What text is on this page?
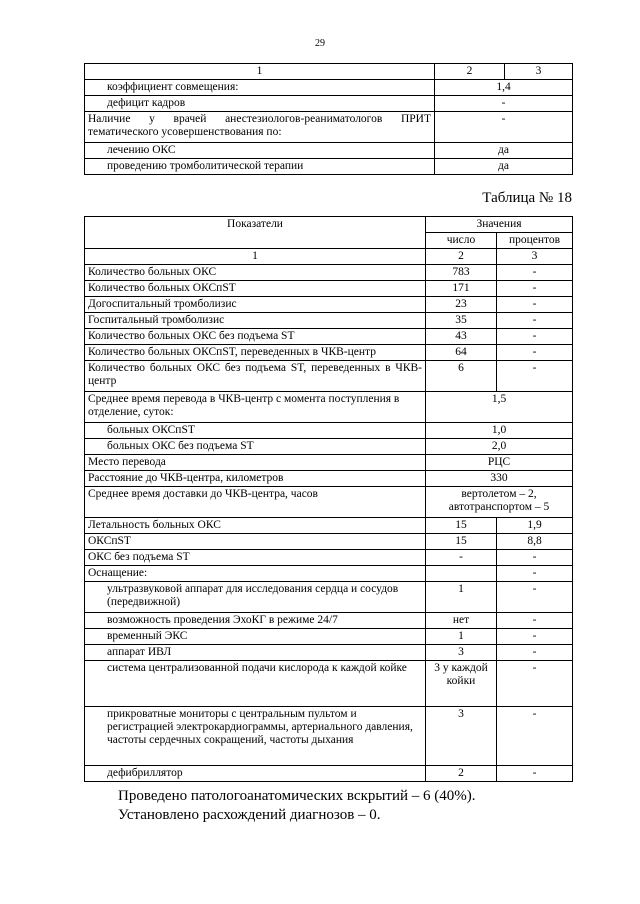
29
1	2	3
коэффициент совмещения:	1,4	
дефицит кадров	-	
Наличие у врачей анестезиологов-реаниматологов ПРИТ тематического усовершенствования по:	-	
лечению ОКС	да	
проведению тромболитической терапии	да	
Таблица № 18
Показатели	Значения	
	число	процентов
1	2	3
Количество больных ОКС	783	-
Количество больных ОКСпST	171	-
Догоспитальный тромболизис	23	-
Госпитальный тромболизис	35	-
Количество больных ОКС без подъема ST	43	-
Количество больных ОКСпST, переведенных в ЧКВ-центр	64	-
Количество больных ОКС без подъема ST, переведенных в ЧКВ-центр	6	-
Среднее время перевода в ЧКВ-центр с момента поступления в отделение, суток:	1,5	
больных ОКСпST	1,0	
больных ОКС без подъема ST	2,0	
Место перевода	РЦС	
Расстояние до ЧКВ-центра, километров	330	
Среднее время доставки до ЧКВ-центра, часов	вертолетом – 2,
автотранспортом – 5	

Летальность больных ОКС	15	1,9
ОКСпST	15	8,8
ОКС без подъема ST	-	-
Оснащение:		-
ультразвуковой аппарат для исследования сердца и сосудов (передвижной)	1	-
возможность проведения ЭхоКГ в режиме 24/7	нет	-
временный ЭКС	1	-
аппарат ИВЛ	3	-
система централизованной подачи кислорода к каждой койке	3 у каждой койки	-
прикроватные мониторы с центральным пультом и регистрацией электрокардиограммы, артериального давления, частоты сердечных сокращений, частоты дыхания	3	-
дефибриллятор	2	-
Проведено патологоанатомических вскрытий – 6 (40%).
Установлено расхождений диагнозов – 0.
